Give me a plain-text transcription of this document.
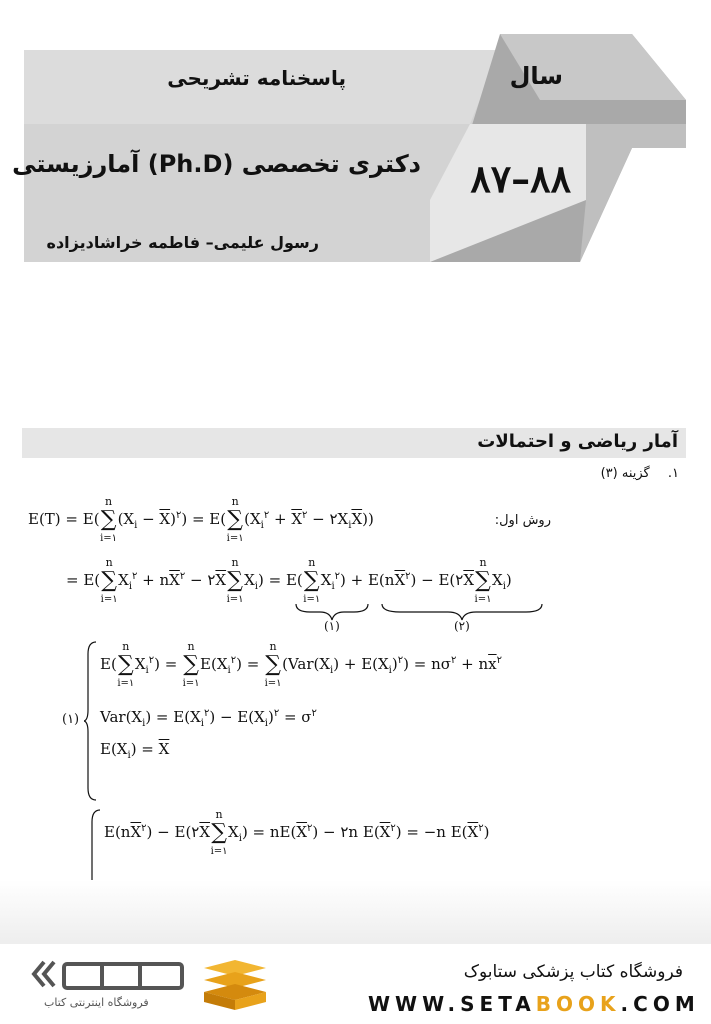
پاسخنامه تشریحی
دکتری تخصصی (Ph.D) آمارزیستی
رسول علیمی– فاطمه خراشادیزاده
سال
۸۸–۸۷
آمار ریاضی و احتمالات
۱. گزینه (۳)
روش اول:
E(T) = E(
n
∑
i=۱
$(X_i - \overline{X})^۲) = E$(
n
∑
i=۱
($X_i^۲ + \overline{X}^۲$ − $۲X_i\overline{X}$))
= E(
n
∑
i=۱
$X_i^۲ + n\overline{X}^۲$ − $۲\overline{X}$
n
∑
i=۱
$X_i) = E$(
n
∑
i=۱
$X_i^۲) + E(n\overline{X}^۲)$ − $E(۲\overline{X}$
n
∑
i=۱
$X_i$)
(۱)	(۲)
(۱)
E(
n
∑
i=۱
$X_i^۲$) =
n
∑
i=۱
$E(X_i^۲)$ =
n
∑
i=۱
$(Var(X_i) + E(X_i)^۲) = n\sigma^۲ + n\overline{x}^۲$
$Var(X_i) = E(X_i^۲) - E(X_i)^۲ = \sigma^۲$
$E(X_i) = \overline{X}$
$E(n\overline{X}^۲)$ − $E(۲\overline{X}$
n
∑
i=۱
$X_i) = nE(\overline{X}^۲)$ − ۲n $E(\overline{X}^۲) = -n$ $E(\overline{X}^۲)$
فروشگاه اینترنتی کتاب
فروشگاه کتاب پزشکی ستابوک
WWW.SETABOOK.COM
